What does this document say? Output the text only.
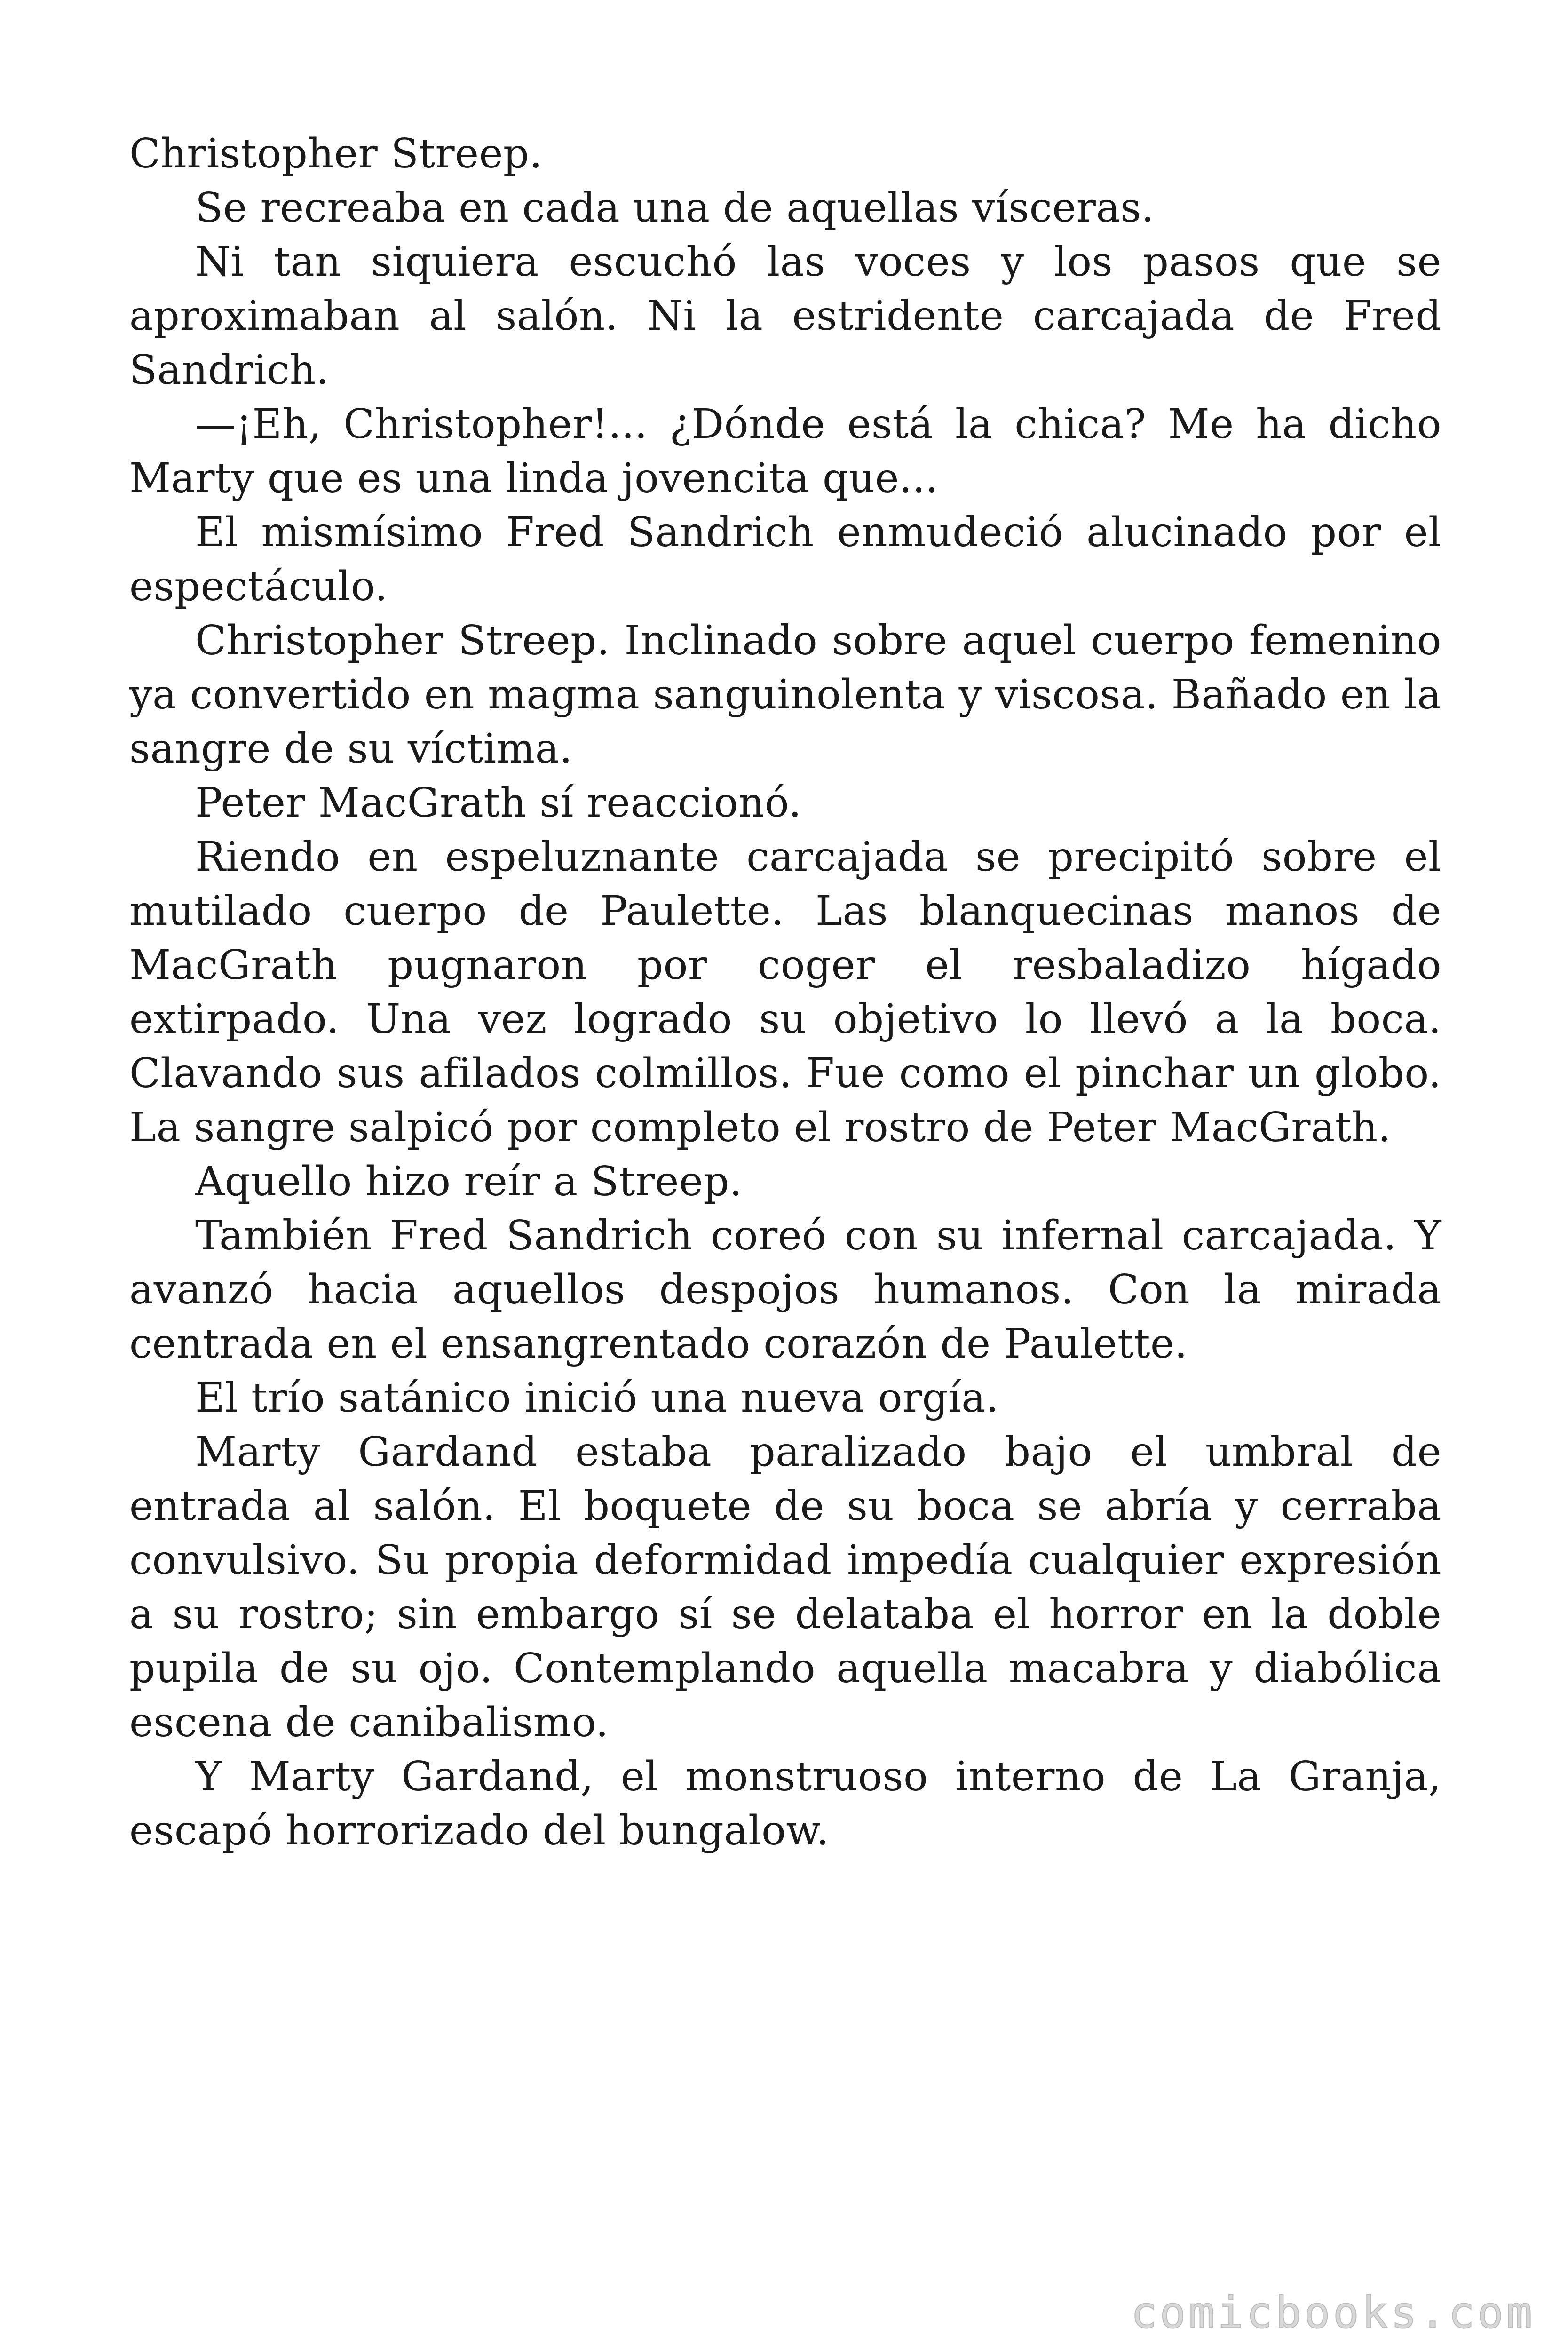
Christopher Streep.

Se recreaba en cada una de aquellas vísceras.

Ni tan siquiera escuchó las voces y los pasos que se aproximaban al salón. Ni la estridente carcajada de Fred Sandrich.

—¡Eh, Christopher!... ¿Dónde está la chica? Me ha dicho Marty que es una linda jovencita que...

El mismísimo Fred Sandrich enmudeció alucinado por el espectáculo.

Christopher Streep. Inclinado sobre aquel cuerpo femenino ya convertido en magma sanguinolenta y viscosa. Bañado en la sangre de su víctima.

Peter MacGrath sí reaccionó.

Riendo en espeluznante carcajada se precipitó sobre el mutilado cuerpo de Paulette. Las blanquecinas manos de MacGrath pugnaron por coger el resbaladizo hígado extirpado. Una vez logrado su objetivo lo llevó a la boca. Clavando sus afilados colmillos. Fue como el pinchar un globo. La sangre salpicó por completo el rostro de Peter MacGrath.

Aquello hizo reír a Streep.

También Fred Sandrich coreó con su infernal carcajada. Y avanzó hacia aquellos despojos humanos. Con la mirada centrada en el ensangrentado corazón de Paulette.

El trío satánico inició una nueva orgía.

Marty Gardand estaba paralizado bajo el umbral de entrada al salón. El boquete de su boca se abría y cerraba convulsivo. Su propia deformidad impedía cualquier expresión a su rostro; sin embargo sí se delataba el horror en la doble pupila de su ojo. Contemplando aquella macabra y diabólica escena de canibalismo.

Y Marty Gardand, el monstruoso interno de La Granja, escapó horrorizado del bungalow.

comicbooks.com
